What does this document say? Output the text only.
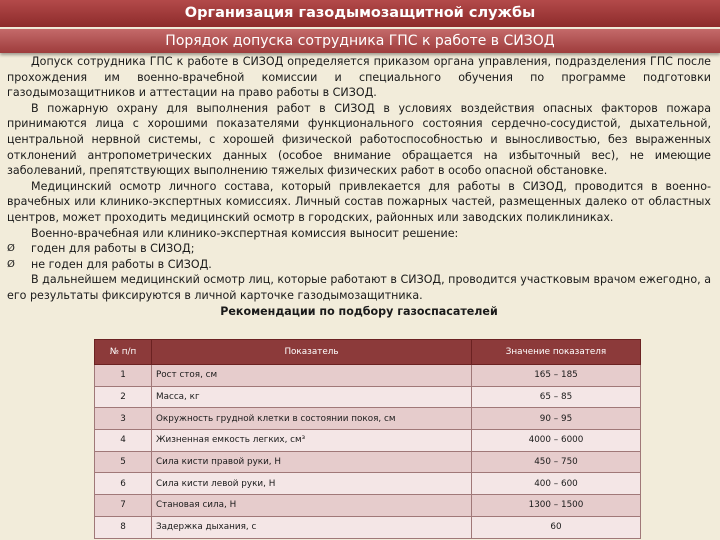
Организация газодымозащитной службы
Порядок допуска сотрудника ГПС к работе в СИЗОД

Допуск сотрудника ГПС к работе в СИЗОД определяется приказом органа управления, подразделения ГПС после прохождения им военно-врачебной комиссии и специального обучения по программе подготовки газодымозащитников и аттестации на право работы в СИЗОД.

В пожарную охрану для выполнения работ в СИЗОД в условиях воздействия опасных факторов пожара принимаются лица с хорошими показателями функционального состояния сердечно-сосудистой, дыхательной, центральной нервной системы, с хорошей физической работоспособностью и выносливостью, без выраженных отклонений антропометрических данных (особое внимание обращается на избыточный вес), не имеющие заболеваний, препятствующих выполнению тяжелых физических работ в особо опасной обстановке.

Медицинский осмотр личного состава, который привлекается для работы в СИЗОД, проводится в военно-врачебных или клинико-экспертных комиссиях. Личный состав пожарных частей, размещенных далеко от областных центров, может проходить медицинский осмотр в городских, районных или заводских поликлиниках.

Военно-врачебная или клинико-экспертная комиссия выносит решение:

Ø	годен для работы в СИЗОД;
Ø	не годен для работы в СИЗОД.

В дальнейшем медицинский осмотр лиц, которые работают в СИЗОД, проводится участковым врачом ежегодно, а его результаты фиксируются в личной карточке газодымозащитника.

Рекомендации по подбору газоспасателей

№ п/п	Показатель	Значение показателя
1	Рост стоя, см	165 – 185
2	Масса, кг	65 – 85
3	Окружность грудной клетки в состоянии покоя, см	90 – 95
4	Жизненная емкость легких, см³	4000 – 6000
5	Сила кисти правой руки, Н	450 – 750
6	Сила кисти левой руки, Н	400 – 600
7	Становая сила, Н	1300 – 1500
8	Задержка дыхания, с	60
